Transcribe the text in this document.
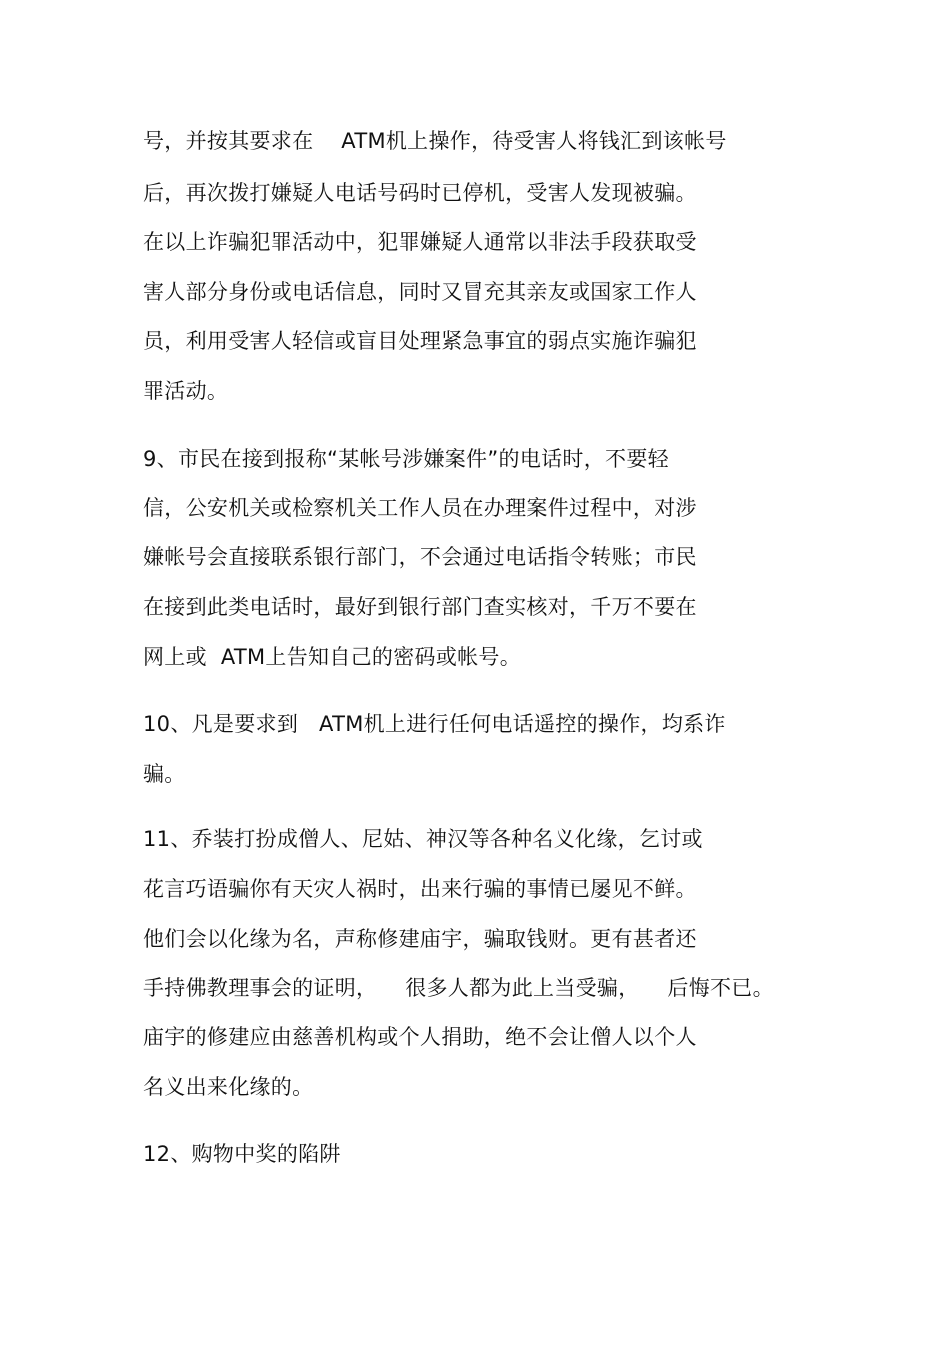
号，并按其要求在    ATM机上操作，待受害人将钱汇到该帐号
后，再次拨打嫌疑人电话号码时已停机，受害人发现被骗。
在以上诈骗犯罪活动中，犯罪嫌疑人通常以非法手段获取受
害人部分身份或电话信息，同时又冒充其亲友或国家工作人
员，利用受害人轻信或盲目处理紧急事宜的弱点实施诈骗犯
罪活动。
9、市民在接到报称“某帐号涉嫌案件”的电话时，不要轻
信，公安机关或检察机关工作人员在办理案件过程中，对涉
嫌帐号会直接联系银行部门，不会通过电话指令转账；市民
在接到此类电话时，最好到银行部门查实核对，千万不要在
网上或  ATM上告知自己的密码或帐号。
10、凡是要求到   ATM机上进行任何电话遥控的操作，均系诈
骗。
11、乔装打扮成僧人、尼姑、神汉等各种名义化缘，乞讨或
花言巧语骗你有天灾人祸时，出来行骗的事情已屡见不鲜。
他们会以化缘为名，声称修建庙宇，骗取钱财。更有甚者还
手持佛教理事会的证明，    很多人都为此上当受骗，    后悔不已。
庙宇的修建应由慈善机构或个人捐助，绝不会让僧人以个人
名义出来化缘的。
12、购物中奖的陷阱
